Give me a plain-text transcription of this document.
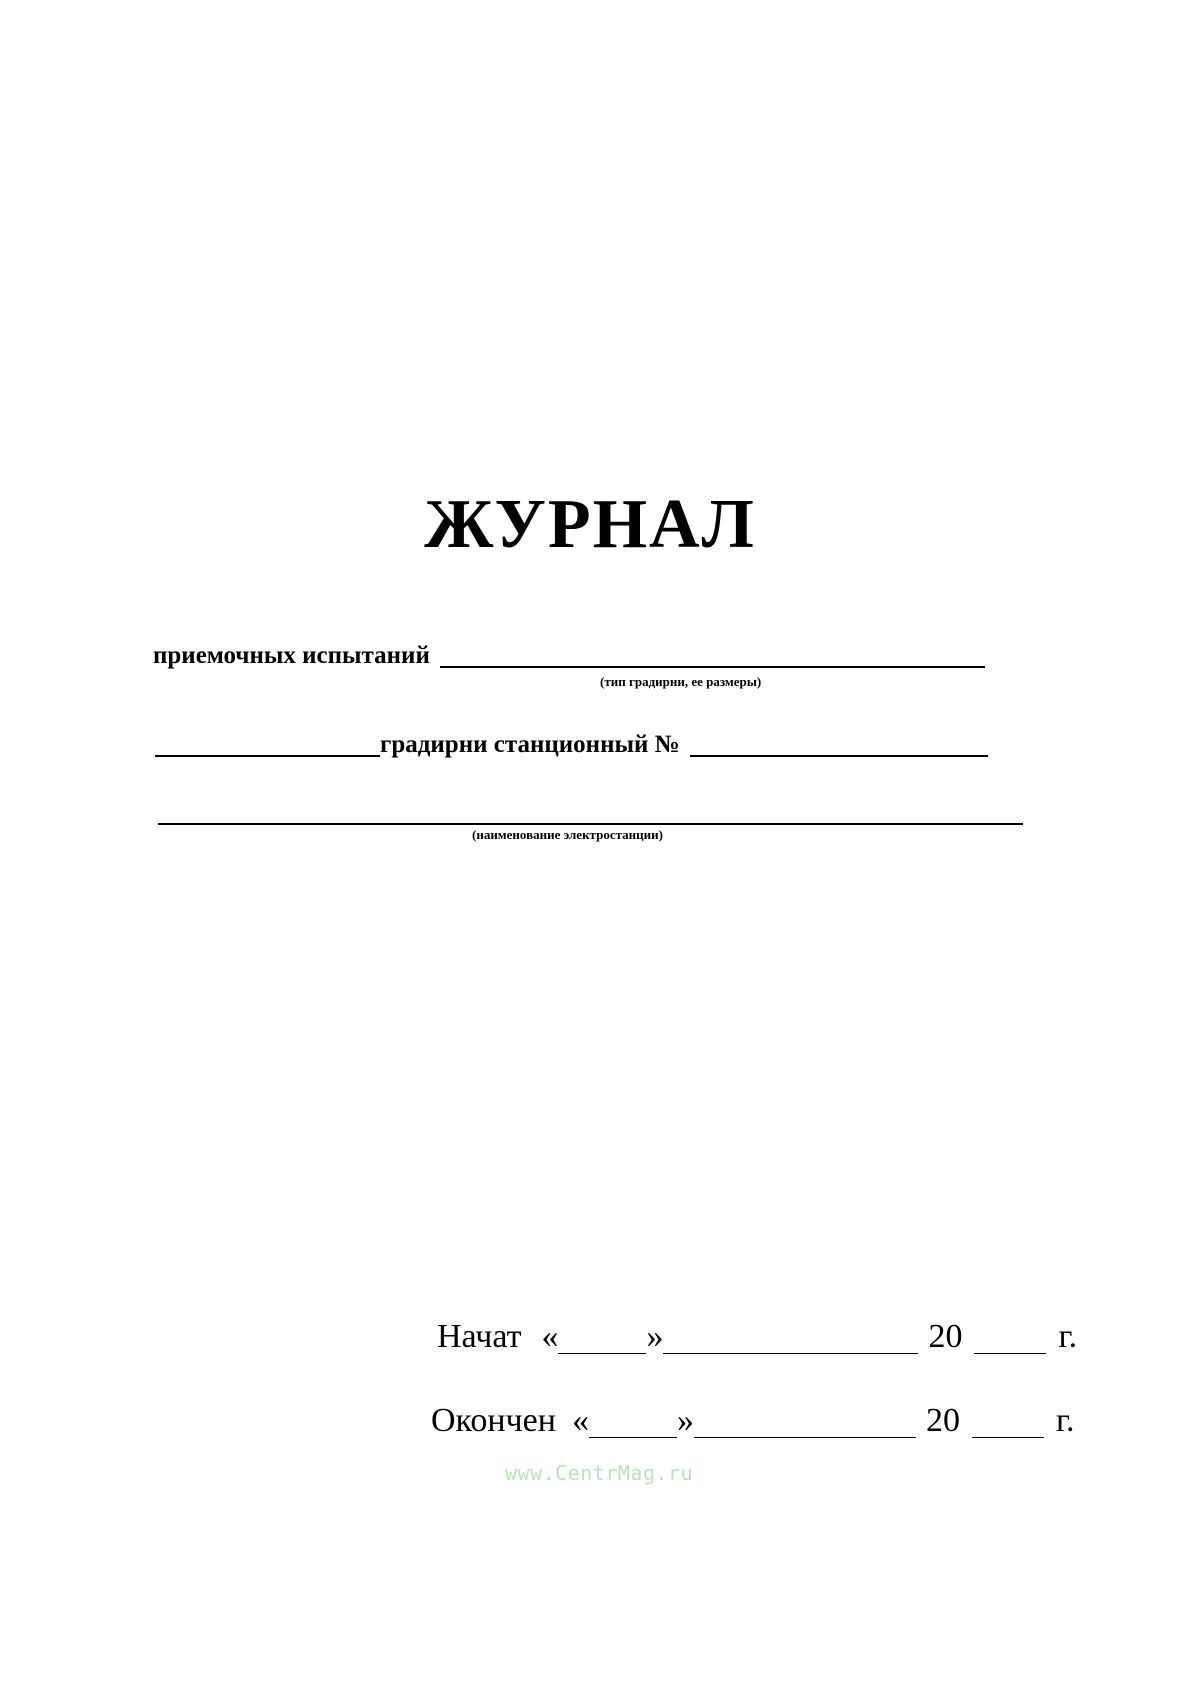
ЖУРНАЛ
приемочных испытаний
(тип градирни, ее размеры)
градирни станционный №
(наименование электростанции)
Начат «	»	20	г.
Окончен «	»	20	г.
www.CentrMag.ru
